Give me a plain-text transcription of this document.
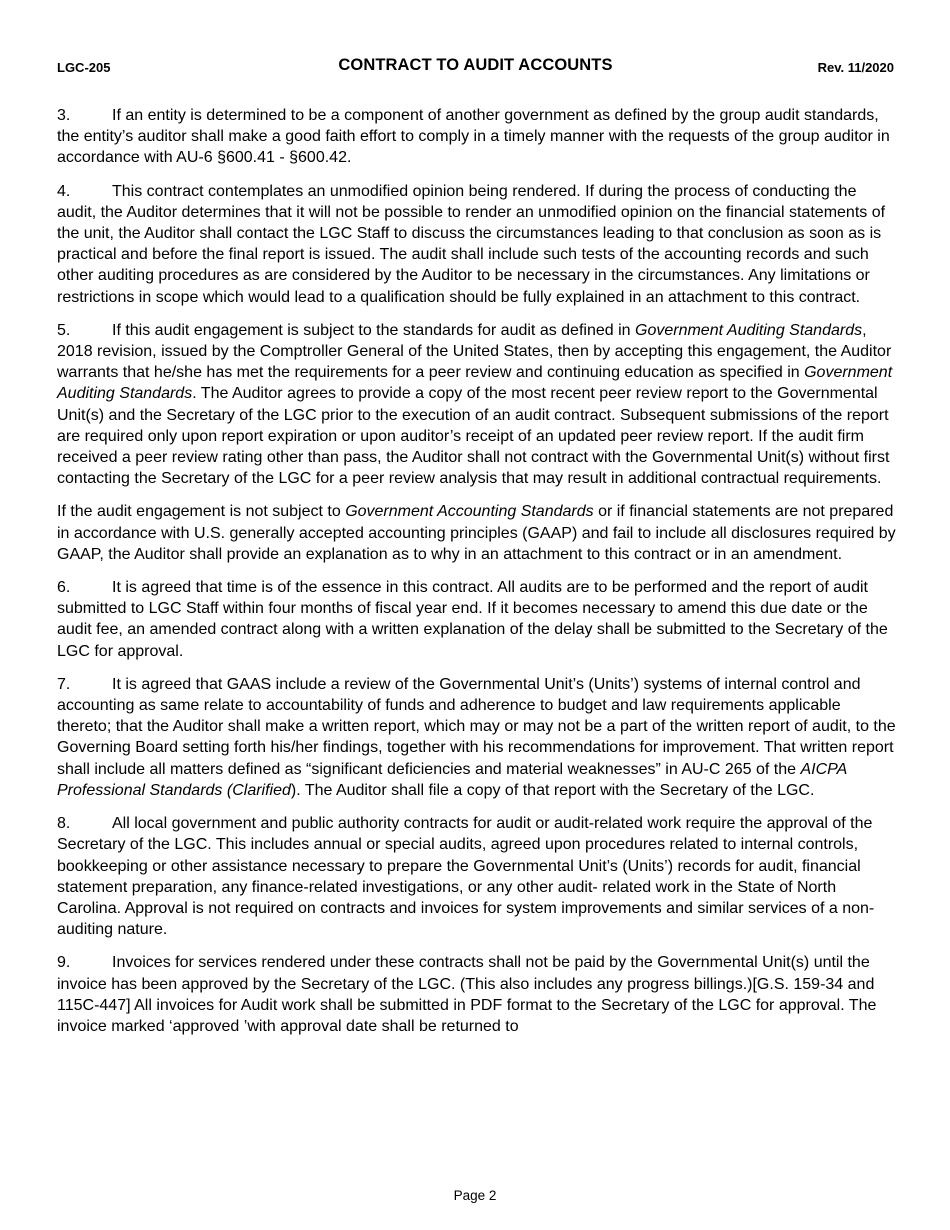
LGC-205	CONTRACT TO AUDIT ACCOUNTS	Rev. 11/2020

3.	If an entity is determined to be a component of another government as defined by the group audit standards, the entity’s auditor shall make a good faith effort to comply in a timely manner with the requests of the group auditor in accordance with AU-6 §600.41 - §600.42.

4.	This contract contemplates an unmodified opinion being rendered. If during the process of conducting the audit, the Auditor determines that it will not be possible to render an unmodified opinion on the financial statements of the unit, the Auditor shall contact the LGC Staff to discuss the circumstances leading to that conclusion as soon as is practical and before the final report is issued. The audit shall include such tests of the accounting records and such other auditing procedures as are considered by the Auditor to be necessary in the circumstances. Any limitations or restrictions in scope which would lead to a qualification should be fully explained in an attachment to this contract.

5.	If this audit engagement is subject to the standards for audit as defined in Government Auditing Standards, 2018 revision, issued by the Comptroller General of the United States, then by accepting this engagement, the Auditor warrants that he/she has met the requirements for a peer review and continuing education as specified in Government Auditing Standards. The Auditor agrees to provide a copy of the most recent peer review report to the Governmental Unit(s) and the Secretary of the LGC prior to the execution of an audit contract. Subsequent submissions of the report are required only upon report expiration or upon auditor’s receipt of an updated peer review report. If the audit firm received a peer review rating other than pass, the Auditor shall not contract with the Governmental Unit(s) without first contacting the Secretary of the LGC for a peer review analysis that may result in additional contractual requirements.

If the audit engagement is not subject to Government Accounting Standards or if financial statements are not prepared in accordance with U.S. generally accepted accounting principles (GAAP) and fail to include all disclosures required by GAAP, the Auditor shall provide an explanation as to why in an attachment to this contract or in an amendment.

6.	It is agreed that time is of the essence in this contract. All audits are to be performed and the report of audit submitted to LGC Staff within four months of fiscal year end. If it becomes necessary to amend this due date or the audit fee, an amended contract along with a written explanation of the delay shall be submitted to the Secretary of the LGC for approval.

7.	It is agreed that GAAS include a review of the Governmental Unit’s (Units’) systems of internal control and accounting as same relate to accountability of funds and adherence to budget and law requirements applicable thereto; that the Auditor shall make a written report, which may or may not be a part of the written report of audit, to the Governing Board setting forth his/her findings, together with his recommendations for improvement. That written report shall include all matters defined as “significant deficiencies and material weaknesses” in AU-C 265 of the AICPA Professional Standards (Clarified). The Auditor shall file a copy of that report with the Secretary of the LGC.

8.	All local government and public authority contracts for audit or audit-related work require the approval of the Secretary of the LGC. This includes annual or special audits, agreed upon procedures related to internal controls, bookkeeping or other assistance necessary to prepare the Governmental Unit’s (Units’) records for audit, financial statement preparation, any finance-related investigations, or any other audit- related work in the State of North Carolina. Approval is not required on contracts and invoices for system improvements and similar services of a non-auditing nature.

9.	Invoices for services rendered under these contracts shall not be paid by the Governmental Unit(s) until the invoice has been approved by the Secretary of the LGC. (This also includes any progress billings.)[G.S. 159-34 and 115C-447] All invoices for Audit work shall be submitted in PDF format to the Secretary of the LGC for approval. The invoice marked ‘approved ’with approval date shall be returned to

Page 2
